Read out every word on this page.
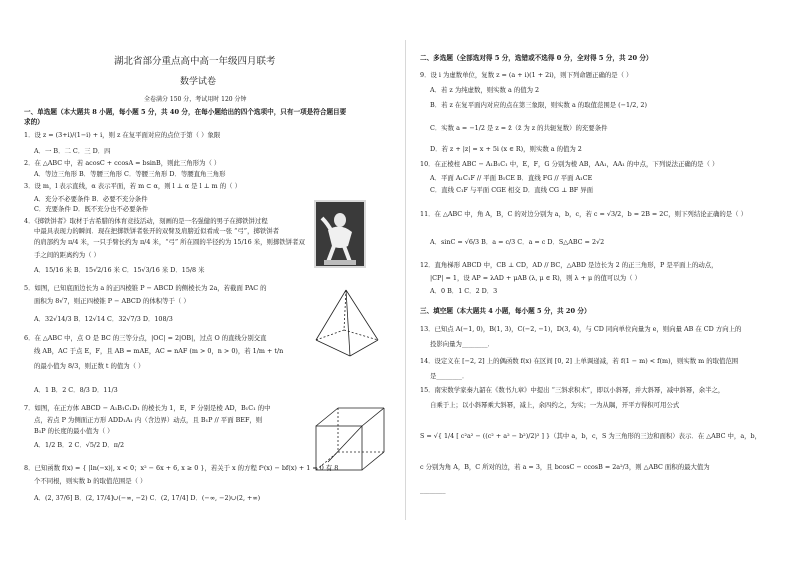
湖北省部分重点高中高一年级四月联考
数学试卷
全卷满分 150 分，考试用时 120 分钟
一、单选题（本大题共 8 小题，每小题 5 分，共 40 分，在每小题给出的四个选项中，只有一项是符合题目要
求的）
1．设 z = (3+i)/(1−i) + i，则 z 在复平面对应的点位于第（ ）象限
A．一 B．二 C．三 D．四
2．在 △ABC 中，若 acosC + ccosA = bsinB，则此三角形为（ ）
A．等边三角形 B．等腰三角形 C．等腰三角形 D．等腰直角三角形
3．设 m，l 表示直线，α 表示平面，若 m ⊂ α，则 l ⊥ α 是 l ⊥ m 的（ ）
A．充分不必要条件 B．必要不充分条件
C．充要条件 D．既不充分也不必要条件
4．《掷铁饼者》取材于古希腊的体育竞技活动，刻画的是一名强健的男子在掷铁饼过程
中最具表现力的瞬间．现在把掷铁饼者张开的双臂及肩膀近似看成一张 “弓”，掷铁饼者
的肩部约为 π/4 米，一只手臂长约为 π/4 米，“弓” 所在圆的半径约为 15/16 米，则掷铁饼者双
手之间的距离约为（ ）
A．15/16 米 B．15√2/16 米 C．15√3/16 米 D．15/8 米
5．如图，已知底面边长为 a 的正四棱锥 P − ABCD 的侧棱长为 2a，若截面 PAC 的
面积为 8√7，则正四棱锥 P − ABCD 的体积等于（ ）
A．32√14/3 B．12√14 C．32√7/3 D．108/3
6．在 △ABC 中，点 O 是 BC 的三等分点，|OC| = 2|OB|，过点 O 的直线分别交直
线 AB，AC 于点 E，F，且 AB = mAE，AC = nAF (m > 0，n > 0)，若 1/m + t/n
的最小值为 8/3，则正数 t 的值为（ ）
A．1 B．2 C．8/3 D．11/3
7．如图，在正方体 ABCD − A₁B₁C₁D₁ 的棱长为 1，E，F 分别是棱 AD，B₁C₁ 的中
点，若点 P 为侧面正方形 ADD₁A₁ 内（含边界）动点，且 B₁P // 平面 BEF，则
B₁P 的长度的最小值为（ ）
A．1/2 B．2 C．√5/2 D．π/2
8．已知函数 f(x) = { |ln(−x)|, x < 0；x² − 6x + 6, x ≥ 0 }，若关于 x 的方程 f²(x) − bf(x) + 1 = 0 有 8
个不同根，则实数 b 的取值范围是（ ）
A．(2, 37/6] B．(2, 17/4]∪(−∞, −2) C．(2, 17/4] D．(−∞, −2)∪(2, +∞)
二、多选题（全部选对得 5 分，选错或不选得 0 分，全对得 5 分，共 20 分）
9．设 i 为虚数单位，复数 z = (a + i)(1 + 2i)，则下列命题正确的是（ ）
A．若 z 为纯虚数，则实数 a 的值为 2
B．若 z 在复平面内对应的点在第三象限，则实数 a 的取值范围是 (−1/2, 2)
C．实数 a = −1/2 是 z = z̄（z̄ 为 z 的共轭复数）的充要条件
D．若 z + |z| = x + 5i (x ∈ R)，则实数 a 的值为 2
10．在正棱柱 ABC − A₁B₁C₁ 中，E，F，G 分别为棱 AB，AA₁，AA₁ 的中点，下列说法正确的是（ ）
A．平面 A₁C₁F // 平面 B₁CE B．直线 FG // 平面 A₁CE
C．直线 C₁F 与平面 CGE 相交 D．直线 CG ⊥ BF 异面
11．在 △ABC 中，角 A，B，C 的对边分别为 a，b，c，若 c = √3/2，b = 2B = 2C，则下列结论正确的是（ ）
A．sinC = √6/3 B．a = c/3 C．a = c D．S△ABC = 2√2
12．直角梯形 ABCD 中，CB ⊥ CD，AD // BC，△ABD 是边长为 2 的正三角形，P 是平面上的动点，
|CP| = 1，设 AP = λAD + μAB (λ, μ ∈ R)，则 λ + μ 的值可以为（ ）
A．0 B．1 C．2 D．3
三、填空题（本大题共 4 小题，每小题 5 分，共 20 分）
13．已知点 A(−1, 0)，B(1, 3)，C(−2, −1)，D(3, 4)，与 CD 同向单位向量为 e，则向量 AB 在 CD 方向上的
投影向量为________．
14．设定义在 [−2, 2] 上的偶函数 f(x) 在区间 [0, 2] 上单调递减，若 f(1 − m) < f(m)，则实数 m 的取值范围
是________．
15．南宋数学家秦九韶在《数书九章》中提出 “三斜求积术”，即以小斜幂，并大斜幂，减中斜幂，余半之，
自乘于上；以小斜幂乘大斜幂，减上，余四约之，为实；一为从隅，开平方得积可用公式
S = √{ 1/4 [ c²a² − ((c² + a² − b²)/2)² ] }（其中 a，b，c，S 为三角形的三边和面积）表示．在 △ABC 中，a，b，
c 分别为角 A，B，C 所对的边，若 a = 3，且 bcosC − ccosB = 2a²/3，则 △ABC 面积的最大值为
________
